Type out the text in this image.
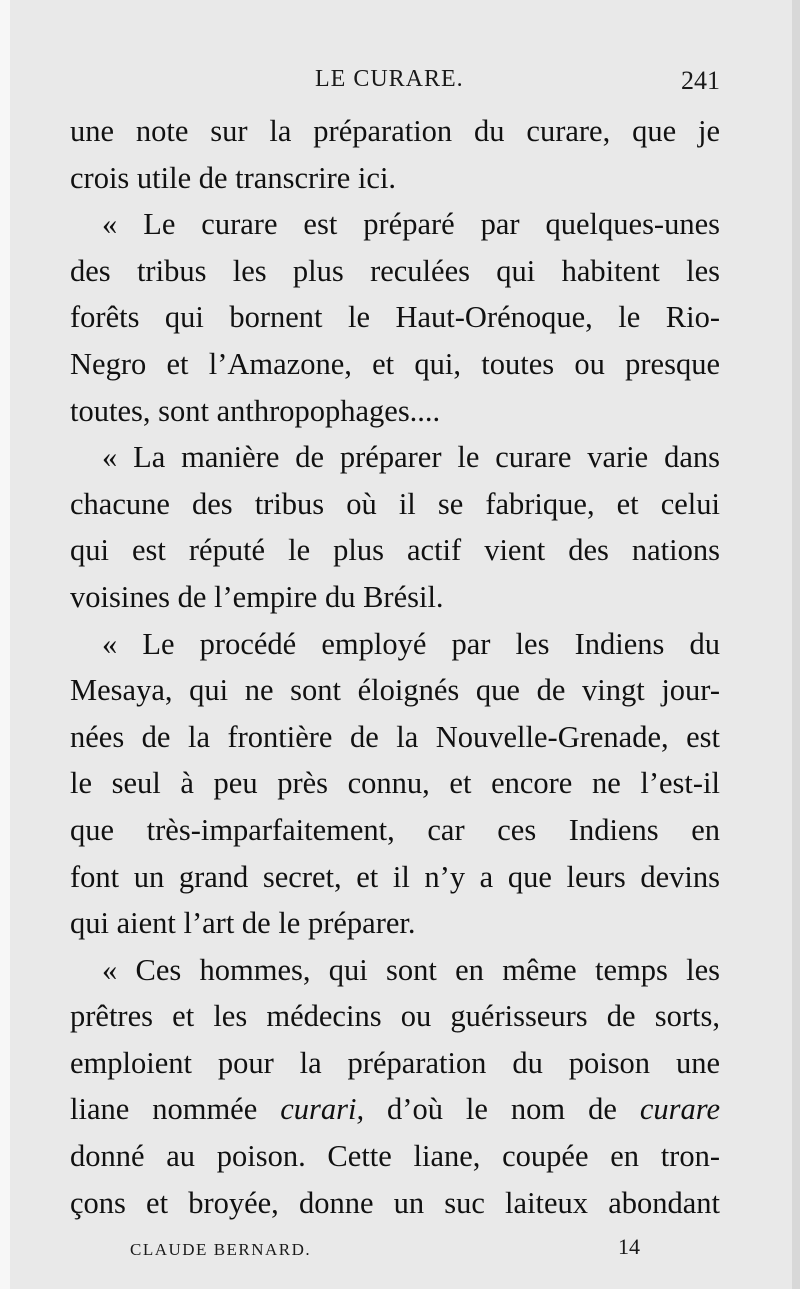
LE CURARE.	241
une note sur la préparation du curare, que je
crois utile de transcrire ici.
« Le curare est préparé par quelques-unes
des tribus les plus reculées qui habitent les
forêts qui bornent le Haut-Orénoque, le Rio-
Negro et l’Amazone, et qui, toutes ou presque
toutes, sont anthropophages....
« La manière de préparer le curare varie dans
chacune des tribus où il se fabrique, et celui
qui est réputé le plus actif vient des nations
voisines de l’empire du Brésil.
« Le procédé employé par les Indiens du
Mesaya, qui ne sont éloignés que de vingt jour-
nées de la frontière de la Nouvelle-Grenade, est
le seul à peu près connu, et encore ne l’est-il
que très-imparfaitement, car ces Indiens en
font un grand secret, et il n’y a que leurs devins
qui aient l’art de le préparer.
« Ces hommes, qui sont en même temps les
prêtres et les médecins ou guérisseurs de sorts,
emploient pour la préparation du poison une
liane nommée curari, d’où le nom de curare
donné au poison. Cette liane, coupée en tron-
çons et broyée, donne un suc laiteux abondant
CLAUDE BERNARD.	14
